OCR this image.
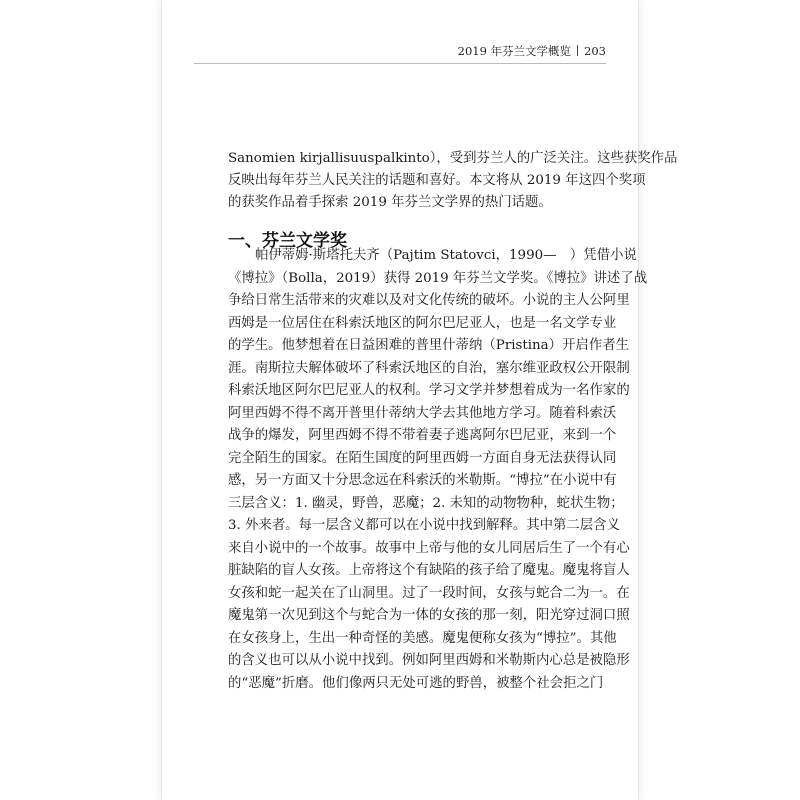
2019 年芬兰文学概览 203
Sanomien kirjallisuuspalkinto），受到芬兰人的广泛关注。这些获奖作品
反映出每年芬兰人民关注的话题和喜好。本文将从 2019 年这四个奖项
的获奖作品着手探索 2019 年芬兰文学界的热门话题。
一、芬兰文学奖
帕伊蒂姆·斯塔托夫齐（Pajtim Statovci，1990—　）凭借小说
《博拉》（Bolla，2019）获得 2019 年芬兰文学奖。《博拉》讲述了战
争给日常生活带来的灾难以及对文化传统的破坏。小说的主人公阿里
西姆是一位居住在科索沃地区的阿尔巴尼亚人，也是一名文学专业
的学生。他梦想着在日益困难的普里什蒂纳（Pristina）开启作者生
涯。南斯拉夫解体破坏了科索沃地区的自治，塞尔维亚政权公开限制
科索沃地区阿尔巴尼亚人的权利。学习文学并梦想着成为一名作家的
阿里西姆不得不离开普里什蒂纳大学去其他地方学习。随着科索沃
战争的爆发，阿里西姆不得不带着妻子逃离阿尔巴尼亚，来到一个
完全陌生的国家。在陌生国度的阿里西姆一方面自身无法获得认同
感，另一方面又十分思念远在科索沃的米勒斯。“博拉”在小说中有
三层含义：1. 幽灵，野兽，恶魔；2. 未知的动物物种，蛇状生物；
3. 外来者。每一层含义都可以在小说中找到解释。其中第二层含义
来自小说中的一个故事。故事中上帝与他的女儿同居后生了一个有心
脏缺陷的盲人女孩。上帝将这个有缺陷的孩子给了魔鬼。魔鬼将盲人
女孩和蛇一起关在了山洞里。过了一段时间，女孩与蛇合二为一。在
魔鬼第一次见到这个与蛇合为一体的女孩的那一刻，阳光穿过洞口照
在女孩身上，生出一种奇怪的美感。魔鬼便称女孩为“博拉”。其他
的含义也可以从小说中找到。例如阿里西姆和米勒斯内心总是被隐形
的“恶魔”折磨。他们像两只无处可逃的野兽，被整个社会拒之门
